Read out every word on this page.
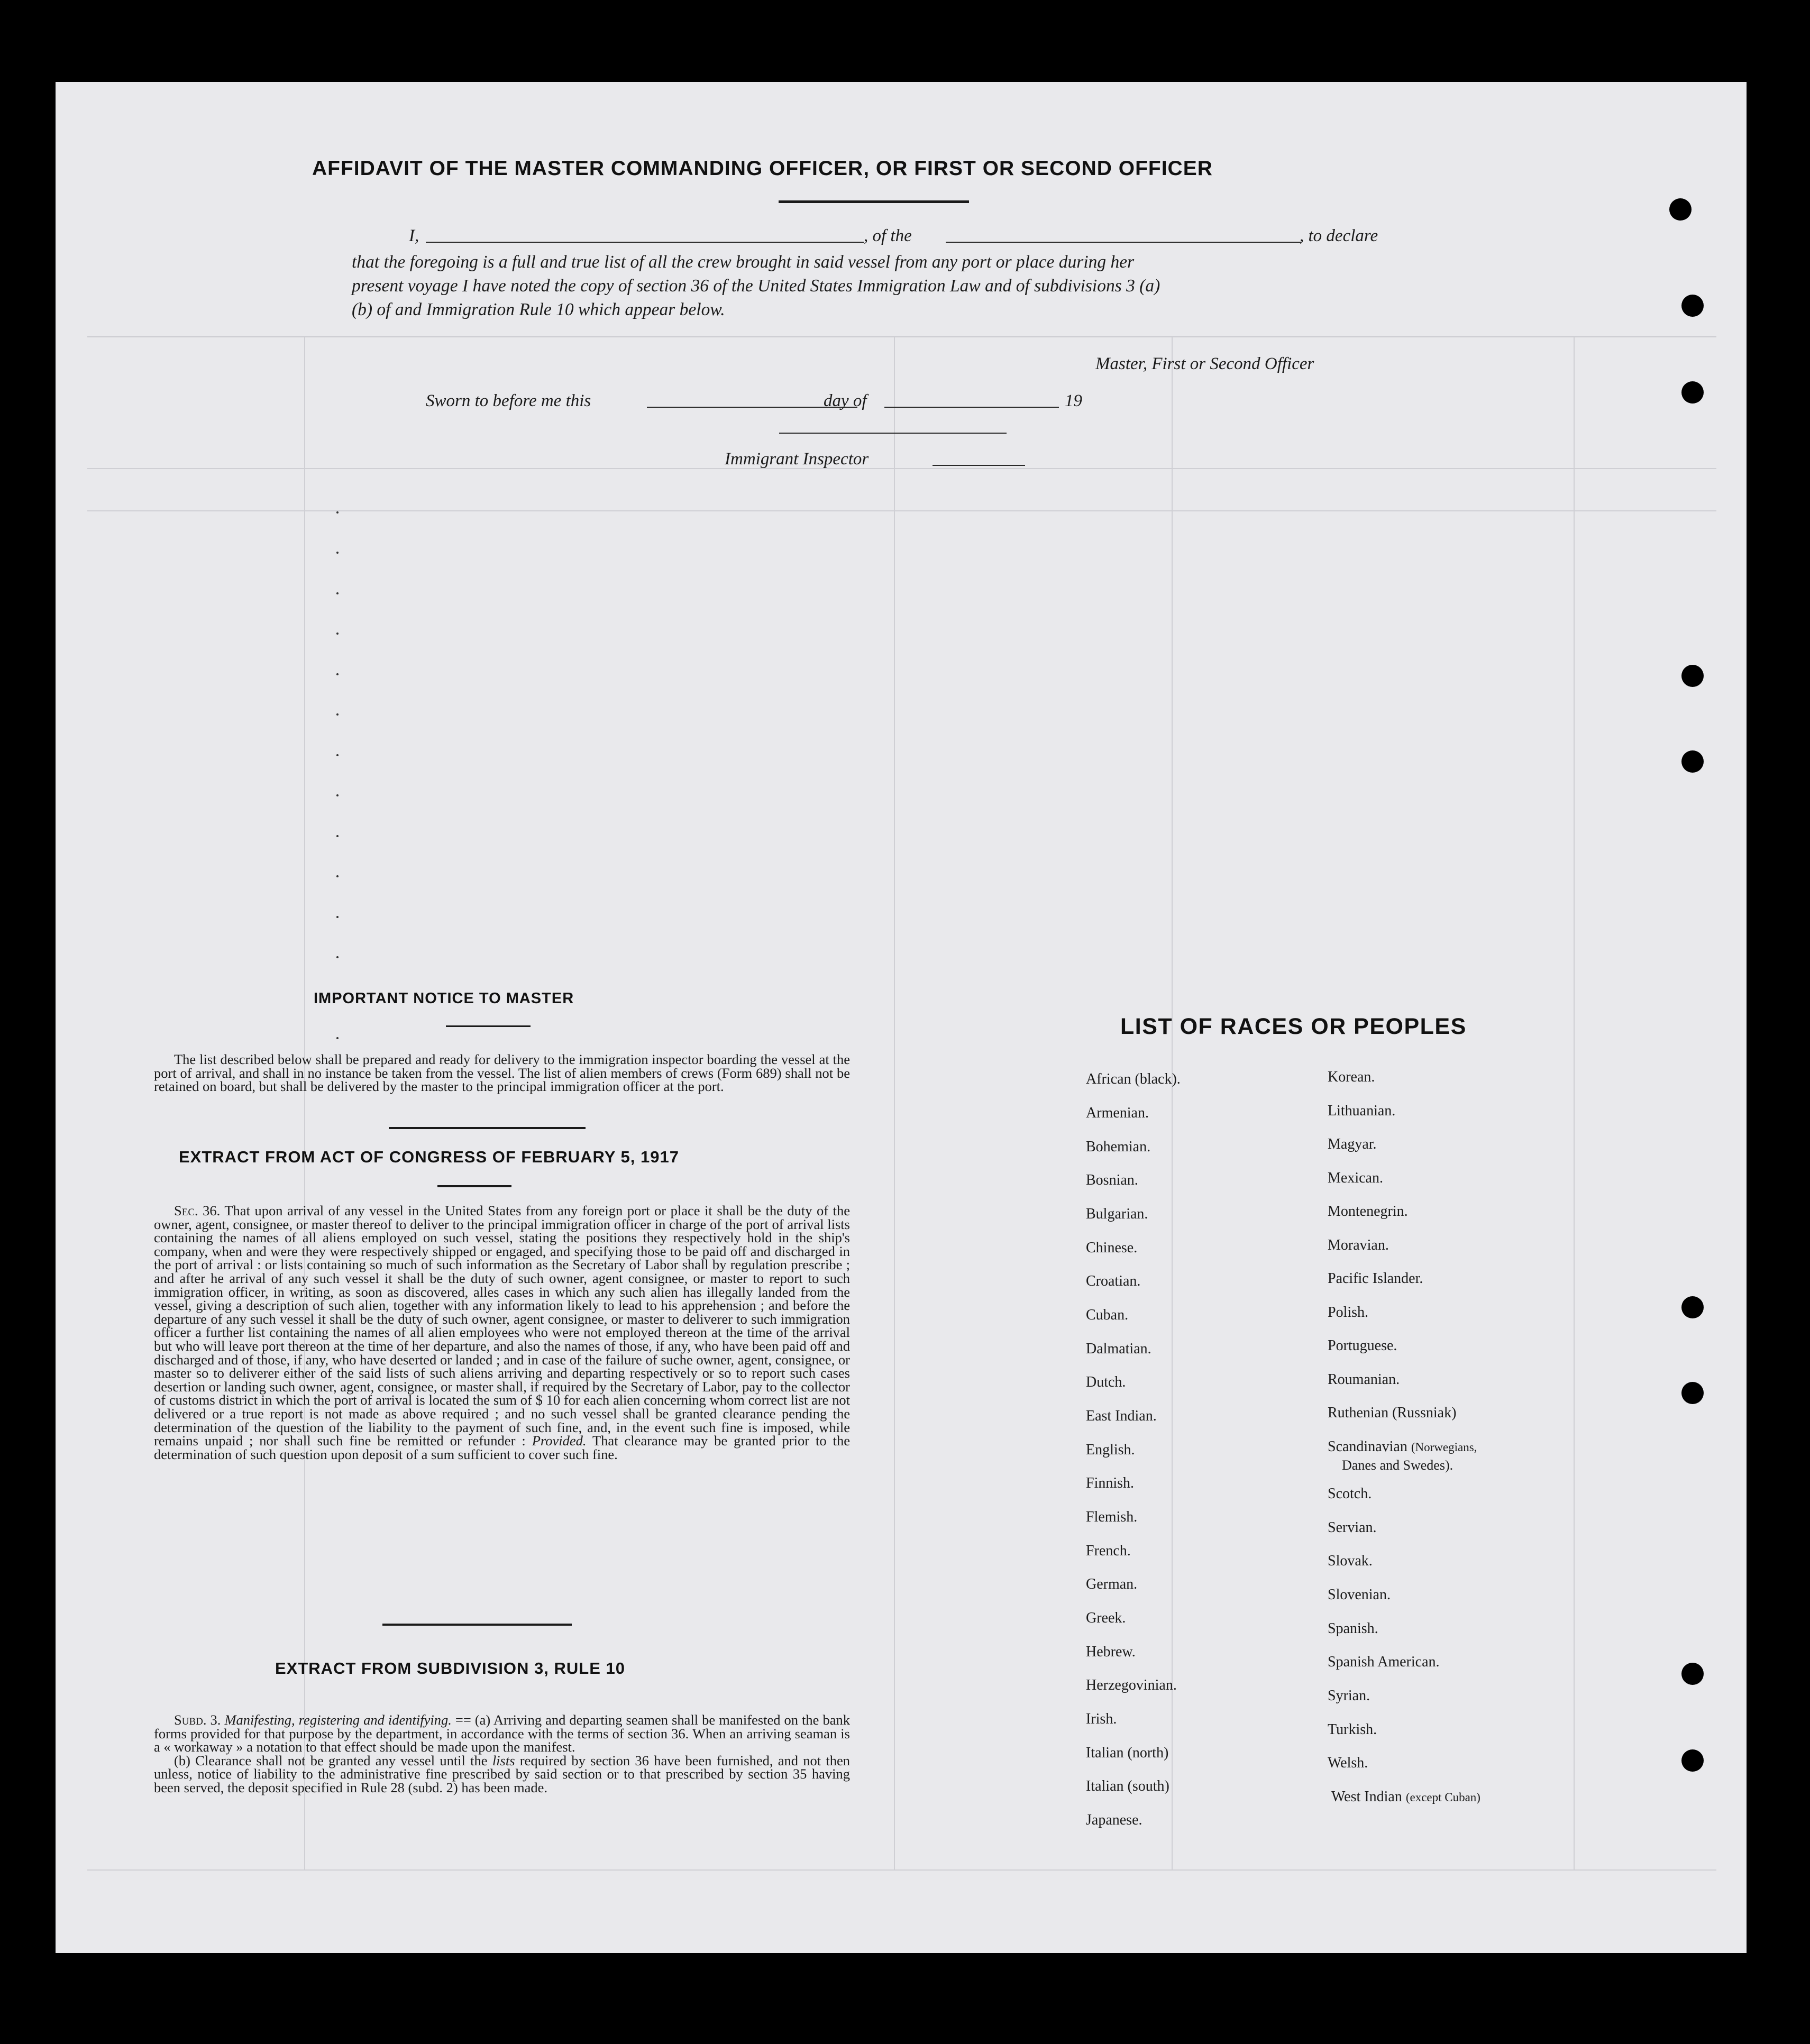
AFFIDAVIT OF THE MASTER COMMANDING OFFICER, OR FIRST OR SECOND OFFICER
I,	, of the	, to declare
that the foregoing is a full and true list of all the crew brought in said vessel from any port or place during her
present voyage I have noted the copy of section 36 of the United States Immigration Law and of subdivisions 3 (a)
(b) of and Immigration Rule 10 which appear below.
Master, First or Second Officer
Sworn to before me this	day of	19
Immigrant Inspector
IMPORTANT NOTICE TO MASTER

The list described below shall be prepared and ready for delivery to the immigration inspector boarding the vessel at the port of arrival, and shall in no instance be taken from the vessel. The list of alien members of crews (Form 689) shall not be retained on board, but shall be delivered by the master to the principal immigration officer at the port.

EXTRACT FROM ACT OF CONGRESS OF FEBRUARY 5, 1917

Sec. 36. That upon arrival of any vessel in the United States from any foreign port or place it shall be the duty of the owner, agent, consignee, or master thereof to deliver to the principal immigration officer in charge of the port of arrival lists containing the names of all aliens employed on such vessel, stating the positions they respectively hold in the ship's company, when and were they were respectively shipped or engaged, and specifying those to be paid off and discharged in the port of arrival : or lists containing so much of such information as the Secretary of Labor shall by regulation prescribe ; and after he arrival of any such vessel it shall be the duty of such owner, agent consignee, or master to report to such immigration officer, in writing, as soon as discovered, alles cases in which any such alien has illegally landed from the vessel, giving a description of such alien, together with any information likely to lead to his apprehension ; and before the departure of any such vessel it shall be the duty of such owner, agent consignee, or master to deliverer to such immigration officer a further list containing the names of all alien employees who were not employed thereon at the time of the arrival but who will leave port thereon at the time of her departure, and also the names of those, if any, who have been paid off and discharged and of those, if any, who have deserted or landed ; and in case of the failure of suche owner, agent, consignee, or master so to deliverer either of the said lists of such aliens arriving and departing respectively or so to report such cases desertion or landing such owner, agent, consignee, or master shall, if required by the Secretary of Labor, pay to the collector of customs district in which the port of arrival is located the sum of $ 10 for each alien concerning whom correct list are not delivered or a true report is not made as above required ; and no such vessel shall be granted clearance pending the determination of the question of the liability to the payment of such fine, and, in the event such fine is imposed, while remains unpaid ; nor shall such fine be remitted or refunder : Provided. That clearance may be granted prior to the determination of such question upon deposit of a sum sufficient to cover such fine.

EXTRACT FROM SUBDIVISION 3, RULE 10

Subd. 3. Manifesting, registering and identifying. == (a) Arriving and departing seamen shall be manifested on the bank forms provided for that purpose by the department, in accordance with the terms of section 36. When an arriving seaman is a « workaway » a notation to that effect should be made upon the manifest.

(b) Clearance shall not be granted any vessel until the lists required by section 36 have been furnished, and not then unless, notice of liability to the administrative fine prescribed by said section or to that prescribed by section 35 having been served, the deposit specified in Rule 28 (subd. 2) has been made.

LIST OF RACES OR PEOPLES
African (black).
Armenian.
Bohemian.
Bosnian.
Bulgarian.
Chinese.
Croatian.
Cuban.
Dalmatian.
Dutch.
East Indian.
English.
Finnish.
Flemish.
French.
German.
Greek.
Hebrew.
Herzegovinian.
Irish.
Italian (north)
Italian (south)
Japanese.
Korean.
Lithuanian.
Magyar.
Mexican.
Montenegrin.
Moravian.
Pacific Islander.
Polish.
Portuguese.
Roumanian.
Ruthenian (Russniak)
Scandinavian (Norwegians,
Danes and Swedes).
Scotch.
Servian.
Slovak.
Slovenian.
Spanish.
Spanish American.
Syrian.
Turkish.
Welsh.
West Indian (except Cuban)
